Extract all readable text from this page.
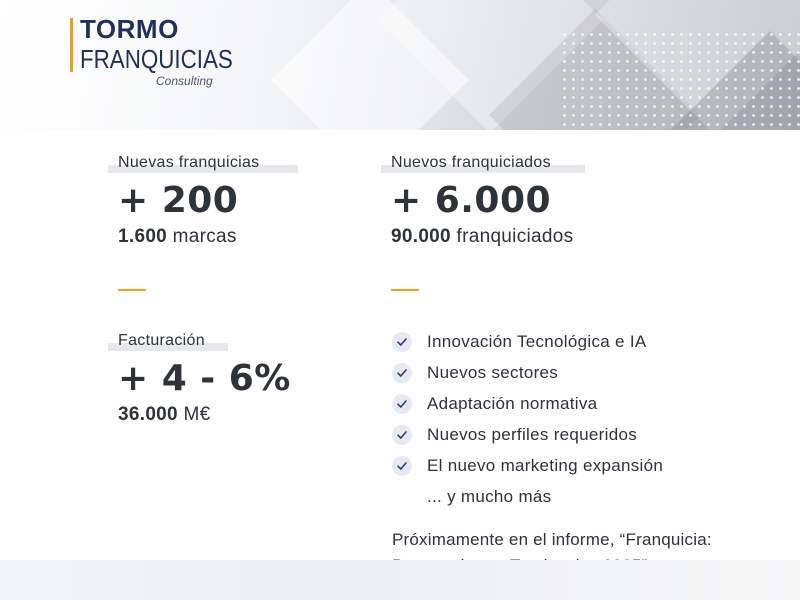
TORMO
FRANQUICIAS
Consulting
Nuevas franquicias
+ 200
1.600 marcas
Nuevos franquiciados
+ 6.000
90.000 franquiciados
Facturación
+ 4 - 6%
36.000 M€
Innovación Tecnológica e IA
Nuevos sectores
Adaptación normativa
Nuevos perfiles requeridos
El nuevo marketing expansión
... y mucho más
Próximamente en el informe, “Franquicia:
